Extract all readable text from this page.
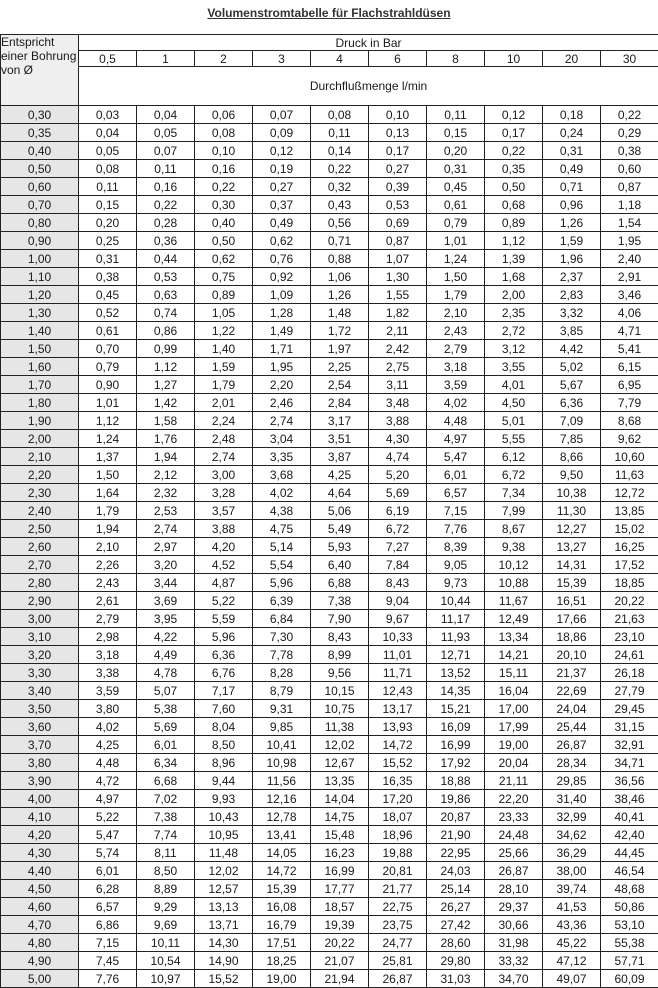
Volumenstromtabelle für Flachstrahldüsen
Entspricht einer Bohrung von Ø	Druck in Bar									
	0,5	1	2	3	4	6	8	10	20	30
	Durchflußmenge l/min									
0,30	0,03	0,04	0,06	0,07	0,08	0,10	0,11	0,12	0,18	0,22
0,35	0,04	0,05	0,08	0,09	0,11	0,13	0,15	0,17	0,24	0,29
0,40	0,05	0,07	0,10	0,12	0,14	0,17	0,20	0,22	0,31	0,38
0,50	0,08	0,11	0,16	0,19	0,22	0,27	0,31	0,35	0,49	0,60
0,60	0,11	0,16	0,22	0,27	0,32	0,39	0,45	0,50	0,71	0,87
0,70	0,15	0,22	0,30	0,37	0,43	0,53	0,61	0,68	0,96	1,18
0,80	0,20	0,28	0,40	0,49	0,56	0,69	0,79	0,89	1,26	1,54
0,90	0,25	0,36	0,50	0,62	0,71	0,87	1,01	1,12	1,59	1,95
1,00	0,31	0,44	0,62	0,76	0,88	1,07	1,24	1,39	1,96	2,40
1,10	0,38	0,53	0,75	0,92	1,06	1,30	1,50	1,68	2,37	2,91
1,20	0,45	0,63	0,89	1,09	1,26	1,55	1,79	2,00	2,83	3,46
1,30	0,52	0,74	1,05	1,28	1,48	1,82	2,10	2,35	3,32	4,06
1,40	0,61	0,86	1,22	1,49	1,72	2,11	2,43	2,72	3,85	4,71
1,50	0,70	0,99	1,40	1,71	1,97	2,42	2,79	3,12	4,42	5,41
1,60	0,79	1,12	1,59	1,95	2,25	2,75	3,18	3,55	5,02	6,15
1,70	0,90	1,27	1,79	2,20	2,54	3,11	3,59	4,01	5,67	6,95
1,80	1,01	1,42	2,01	2,46	2,84	3,48	4,02	4,50	6,36	7,79
1,90	1,12	1,58	2,24	2,74	3,17	3,88	4,48	5,01	7,09	8,68
2,00	1,24	1,76	2,48	3,04	3,51	4,30	4,97	5,55	7,85	9,62
2,10	1,37	1,94	2,74	3,35	3,87	4,74	5,47	6,12	8,66	10,60
2,20	1,50	2,12	3,00	3,68	4,25	5,20	6,01	6,72	9,50	11,63
2,30	1,64	2,32	3,28	4,02	4,64	5,69	6,57	7,34	10,38	12,72
2,40	1,79	2,53	3,57	4,38	5,06	6,19	7,15	7,99	11,30	13,85
2,50	1,94	2,74	3,88	4,75	5,49	6,72	7,76	8,67	12,27	15,02
2,60	2,10	2,97	4,20	5,14	5,93	7,27	8,39	9,38	13,27	16,25
2,70	2,26	3,20	4,52	5,54	6,40	7,84	9,05	10,12	14,31	17,52
2,80	2,43	3,44	4,87	5,96	6,88	8,43	9,73	10,88	15,39	18,85
2,90	2,61	3,69	5,22	6,39	7,38	9,04	10,44	11,67	16,51	20,22
3,00	2,79	3,95	5,59	6,84	7,90	9,67	11,17	12,49	17,66	21,63
3,10	2,98	4,22	5,96	7,30	8,43	10,33	11,93	13,34	18,86	23,10
3,20	3,18	4,49	6,36	7,78	8,99	11,01	12,71	14,21	20,10	24,61
3,30	3,38	4,78	6,76	8,28	9,56	11,71	13,52	15,11	21,37	26,18
3,40	3,59	5,07	7,17	8,79	10,15	12,43	14,35	16,04	22,69	27,79
3,50	3,80	5,38	7,60	9,31	10,75	13,17	15,21	17,00	24,04	29,45
3,60	4,02	5,69	8,04	9,85	11,38	13,93	16,09	17,99	25,44	31,15
3,70	4,25	6,01	8,50	10,41	12,02	14,72	16,99	19,00	26,87	32,91
3,80	4,48	6,34	8,96	10,98	12,67	15,52	17,92	20,04	28,34	34,71
3,90	4,72	6,68	9,44	11,56	13,35	16,35	18,88	21,11	29,85	36,56
4,00	4,97	7,02	9,93	12,16	14,04	17,20	19,86	22,20	31,40	38,46
4,10	5,22	7,38	10,43	12,78	14,75	18,07	20,87	23,33	32,99	40,41
4,20	5,47	7,74	10,95	13,41	15,48	18,96	21,90	24,48	34,62	42,40
4,30	5,74	8,11	11,48	14,05	16,23	19,88	22,95	25,66	36,29	44,45
4,40	6,01	8,50	12,02	14,72	16,99	20,81	24,03	26,87	38,00	46,54
4,50	6,28	8,89	12,57	15,39	17,77	21,77	25,14	28,10	39,74	48,68
4,60	6,57	9,29	13,13	16,08	18,57	22,75	26,27	29,37	41,53	50,86
4,70	6,86	9,69	13,71	16,79	19,39	23,75	27,42	30,66	43,36	53,10
4,80	7,15	10,11	14,30	17,51	20,22	24,77	28,60	31,98	45,22	55,38
4,90	7,45	10,54	14,90	18,25	21,07	25,81	29,80	33,32	47,12	57,71
5,00	7,76	10,97	15,52	19,00	21,94	26,87	31,03	34,70	49,07	60,09
